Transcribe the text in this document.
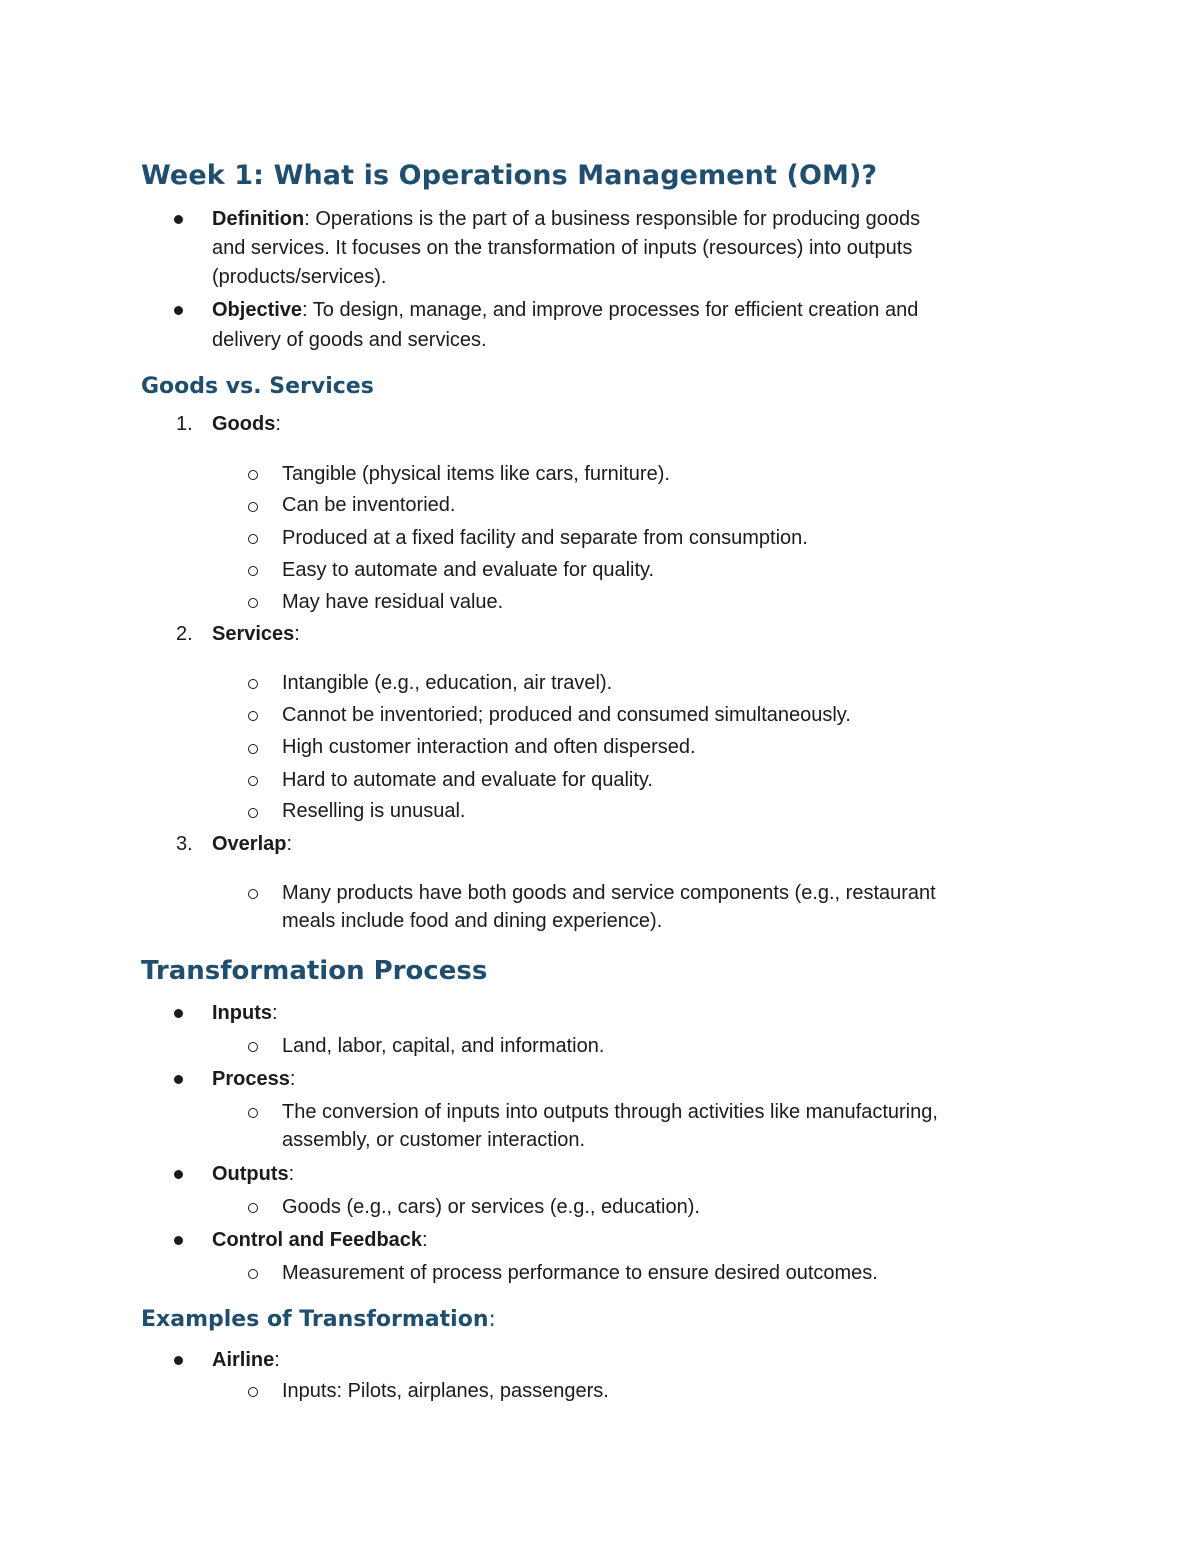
Week 1: What is Operations Management (OM)?
Definition: Operations is the part of a business responsible for producing goods
and services. It focuses on the transformation of inputs (resources) into outputs
(products/services).
Objective: To design, manage, and improve processes for efficient creation and
delivery of goods and services.
Goods vs. Services
1. Goods:
Tangible (physical items like cars, furniture).
Can be inventoried.
Produced at a fixed facility and separate from consumption.
Easy to automate and evaluate for quality.
May have residual value.
2. Services:
Intangible (e.g., education, air travel).
Cannot be inventoried; produced and consumed simultaneously.
High customer interaction and often dispersed.
Hard to automate and evaluate for quality.
Reselling is unusual.
3. Overlap:
Many products have both goods and service components (e.g., restaurant
meals include food and dining experience).
Transformation Process
Inputs:
Land, labor, capital, and information.
Process:
The conversion of inputs into outputs through activities like manufacturing,
assembly, or customer interaction.
Outputs:
Goods (e.g., cars) or services (e.g., education).
Control and Feedback:
Measurement of process performance to ensure desired outcomes.
Examples of Transformation:
Airline:
Inputs: Pilots, airplanes, passengers.
